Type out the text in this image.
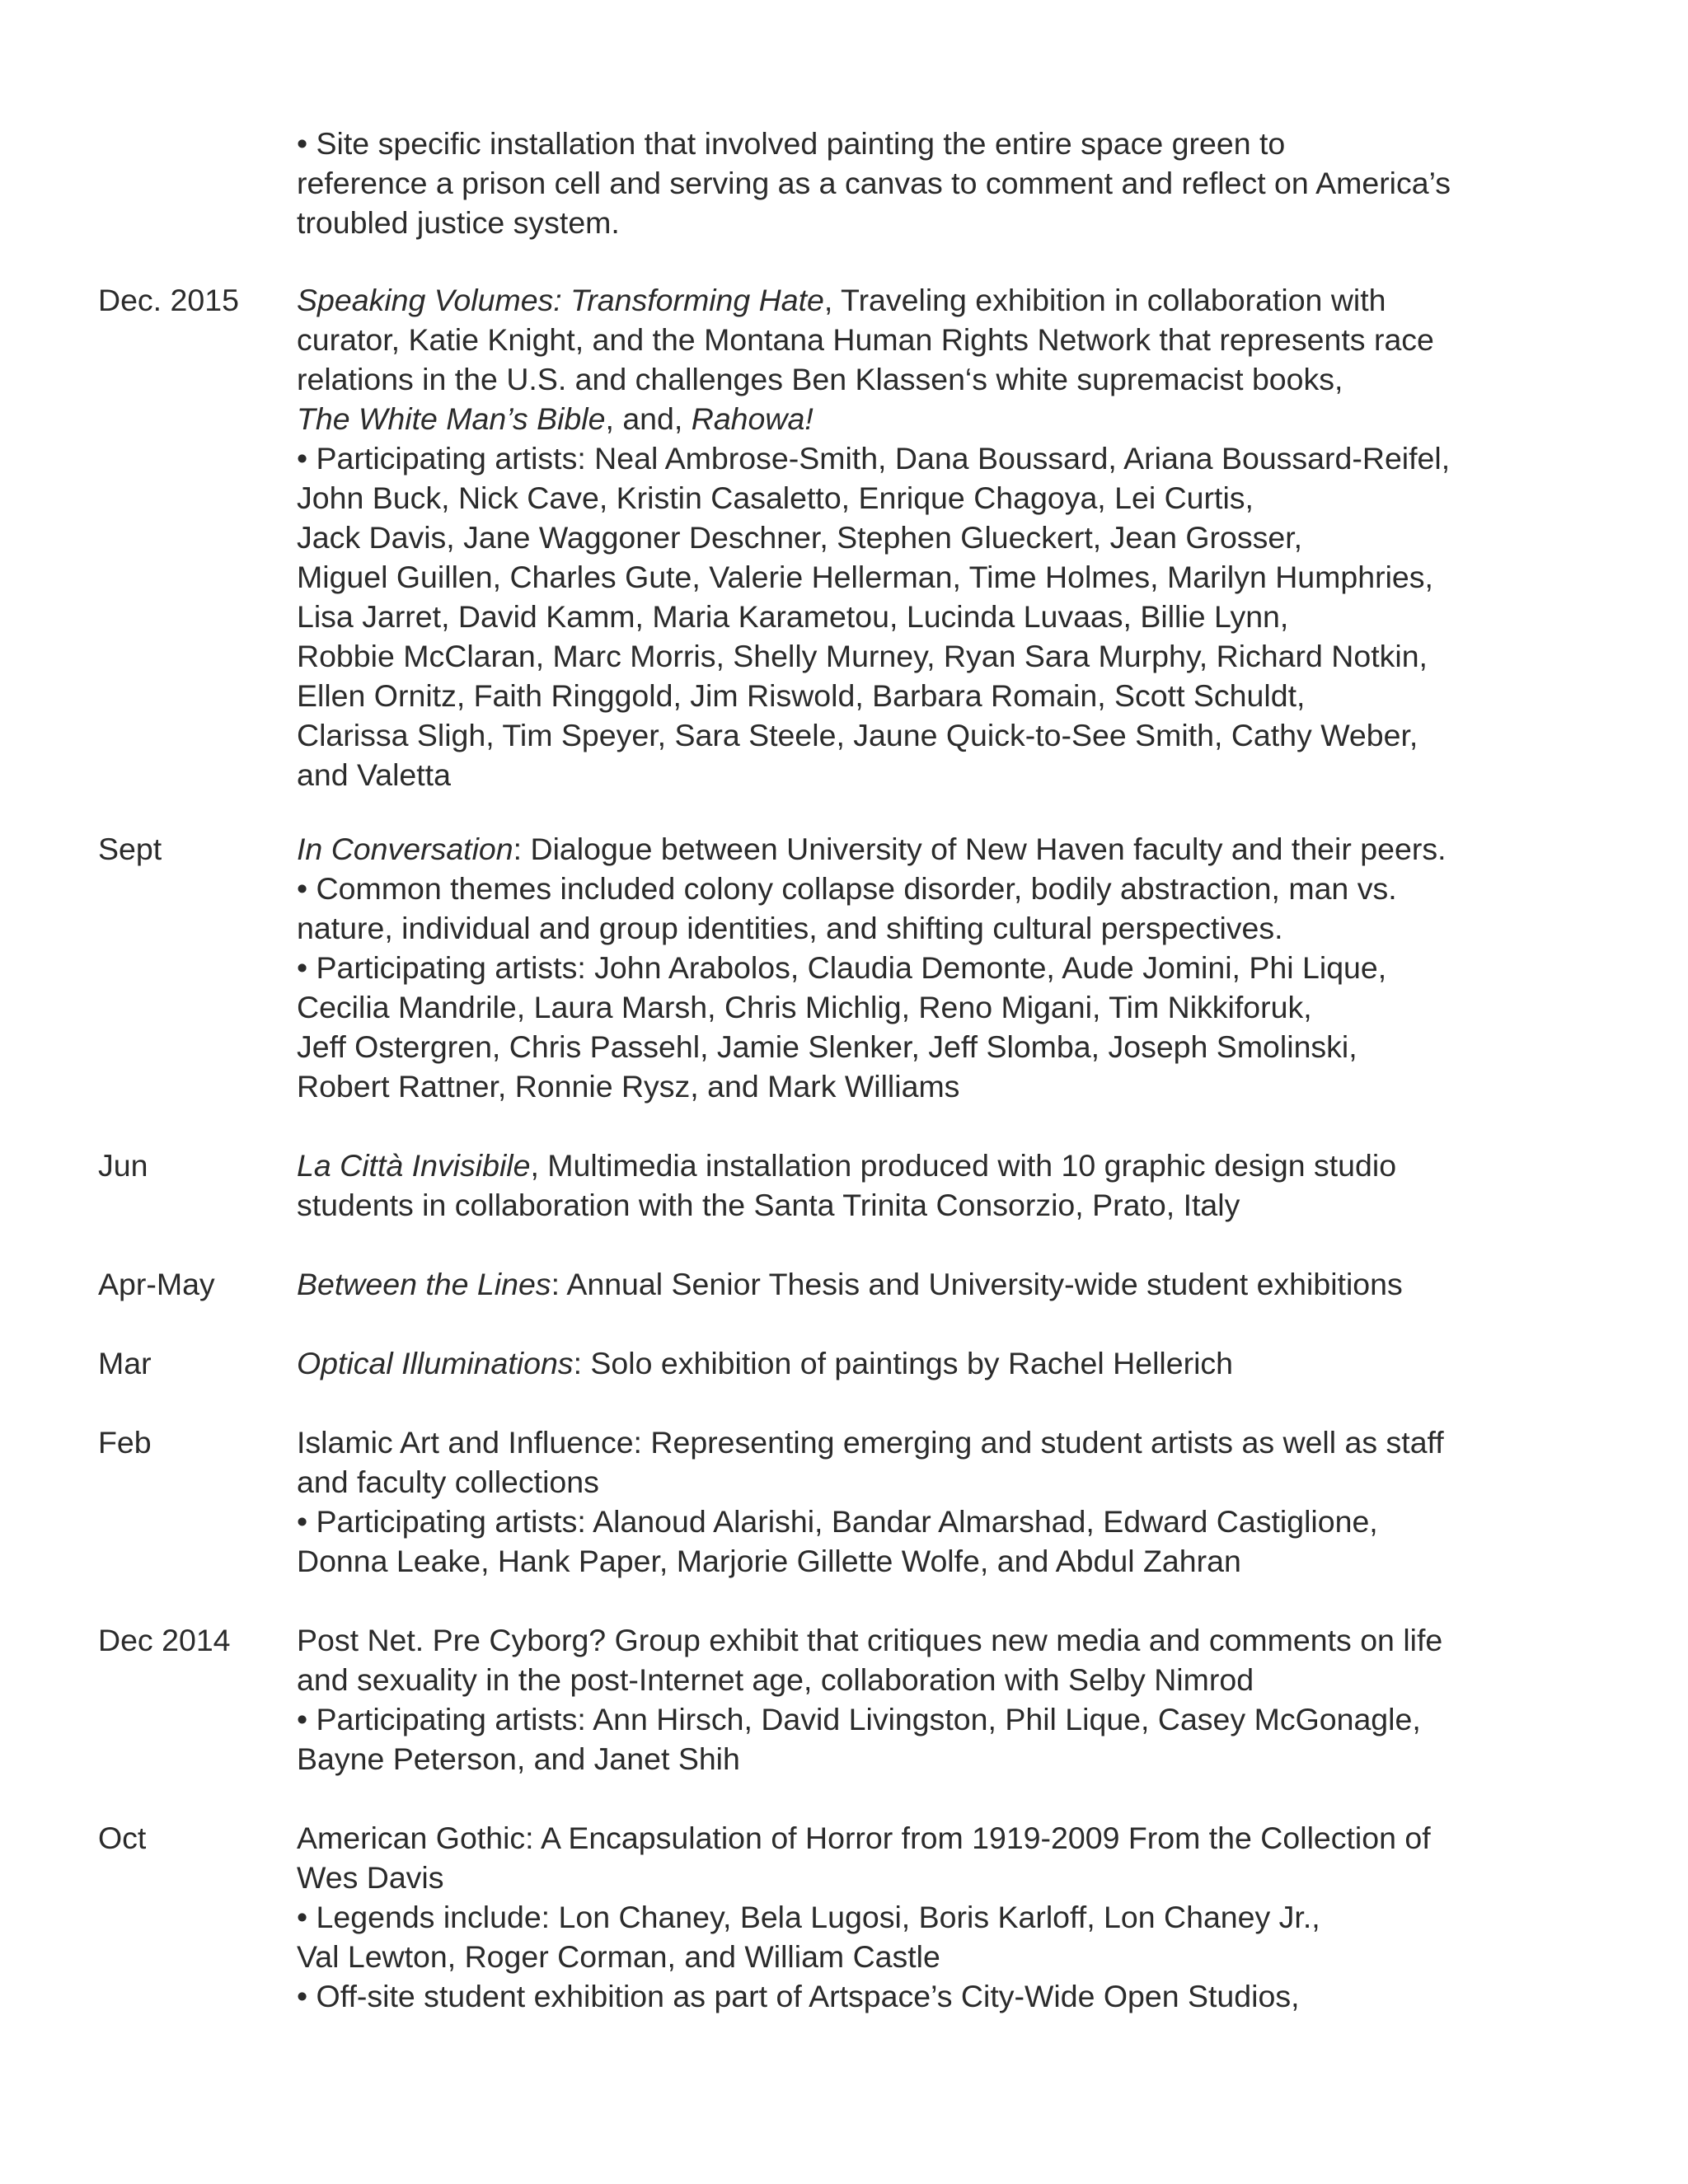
• Site specific installation that involved painting the entire space green to
reference a prison cell and serving as a canvas to comment and reflect on America’s
troubled justice system.
Dec. 2015 Speaking Volumes: Transforming Hate, Traveling exhibition in collaboration with
curator, Katie Knight, and the Montana Human Rights Network that represents race
relations in the U.S. and challenges Ben Klassen‘s white supremacist books,
The White Man’s Bible, and, Rahowa!
• Participating artists: Neal Ambrose-Smith, Dana Boussard, Ariana Boussard-Reifel,
John Buck, Nick Cave, Kristin Casaletto, Enrique Chagoya, Lei Curtis,
Jack Davis, Jane Waggoner Deschner, Stephen Glueckert, Jean Grosser,
Miguel Guillen, Charles Gute, Valerie Hellerman, Time Holmes, Marilyn Humphries,
Lisa Jarret, David Kamm, Maria Karametou, Lucinda Luvaas, Billie Lynn,
Robbie McClaran, Marc Morris, Shelly Murney, Ryan Sara Murphy, Richard Notkin,
Ellen Ornitz, Faith Ringgold, Jim Riswold, Barbara Romain, Scott Schuldt,
Clarissa Sligh, Tim Speyer, Sara Steele, Jaune Quick-to-See Smith, Cathy Weber,
and Valetta
Sept	In Conversation: Dialogue between University of New Haven faculty and their peers.
• Common themes included colony collapse disorder, bodily abstraction, man vs.
nature, individual and group identities, and shifting cultural perspectives.
• Participating artists: John Arabolos, Claudia Demonte, Aude Jomini, Phi Lique,
Cecilia Mandrile, Laura Marsh, Chris Michlig, Reno Migani, Tim Nikkiforuk,
Jeff Ostergren, Chris Passehl, Jamie Slenker, Jeff Slomba, Joseph Smolinski,
Robert Rattner, Ronnie Rysz, and Mark Williams
Jun	La Città Invisibile, Multimedia installation produced with 10 graphic design studio
students in collaboration with the Santa Trinita Consorzio, Prato, Italy
Apr-May	Between the Lines: Annual Senior Thesis and University-wide student exhibitions
Mar	Optical Illuminations: Solo exhibition of paintings by Rachel Hellerich
Feb	Islamic Art and Influence: Representing emerging and student artists as well as staff
and faculty collections
• Participating artists: Alanoud Alarishi, Bandar Almarshad, Edward Castiglione,
Donna Leake, Hank Paper, Marjorie Gillette Wolfe, and Abdul Zahran
Dec 2014 Post Net. Pre Cyborg? Group exhibit that critiques new media and comments on life
and sexuality in the post-Internet age, collaboration with Selby Nimrod
• Participating artists: Ann Hirsch, David Livingston, Phil Lique, Casey McGonagle,
Bayne Peterson, and Janet Shih
Oct	American Gothic: A Encapsulation of Horror from 1919-2009 From the Collection of
Wes Davis
• Legends include: Lon Chaney, Bela Lugosi, Boris Karloff, Lon Chaney Jr.,
Val Lewton, Roger Corman, and William Castle
• Off-site student exhibition as part of Artspace’s City-Wide Open Studios,
